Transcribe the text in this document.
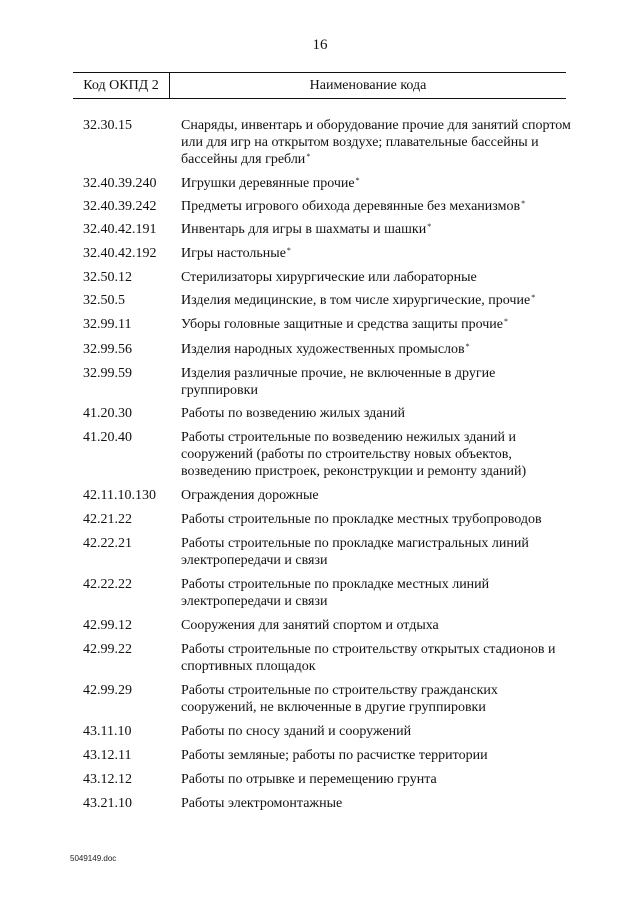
16
Код ОКПД 2	Наименование кода
32.30.15	Снаряды, инвентарь и оборудование прочие для занятий спортом или для игр на открытом воздухе; плавательные бассейны и бассейны для гребли*
32.40.39.240 Игрушки деревянные прочие*
32.40.39.242 Предметы игрового обихода деревянные без механизмов*
32.40.42.191 Инвентарь для игры в шахматы и шашки*
32.40.42.192 Игры настольные*
32.50.12	Стерилизаторы хирургические или лабораторные
32.50.5	Изделия медицинские, в том числе хирургические, прочие*
32.99.11	Уборы головные защитные и средства защиты прочие*
32.99.56	Изделия народных художественных промыслов*
32.99.59	Изделия различные прочие, не включенные в другие группировки
41.20.30	Работы по возведению жилых зданий
41.20.40	Работы строительные по возведению нежилых зданий и сооружений (работы по строительству новых объектов, возведению пристроек, реконструкции и ремонту зданий)
42.11.10.130 Ограждения дорожные
42.21.22	Работы строительные по прокладке местных трубопроводов
42.22.21	Работы строительные по прокладке магистральных линий электропередачи и связи
42.22.22	Работы строительные по прокладке местных линий электропередачи и связи
42.99.12	Сооружения для занятий спортом и отдыха
42.99.22	Работы строительные по строительству открытых стадионов и спортивных площадок
42.99.29	Работы строительные по строительству гражданских сооружений, не включенные в другие группировки
43.11.10	Работы по сносу зданий и сооружений
43.12.11	Работы земляные; работы по расчистке территории
43.12.12	Работы по отрывке и перемещению грунта
43.21.10	Работы электромонтажные
5049149.doc
